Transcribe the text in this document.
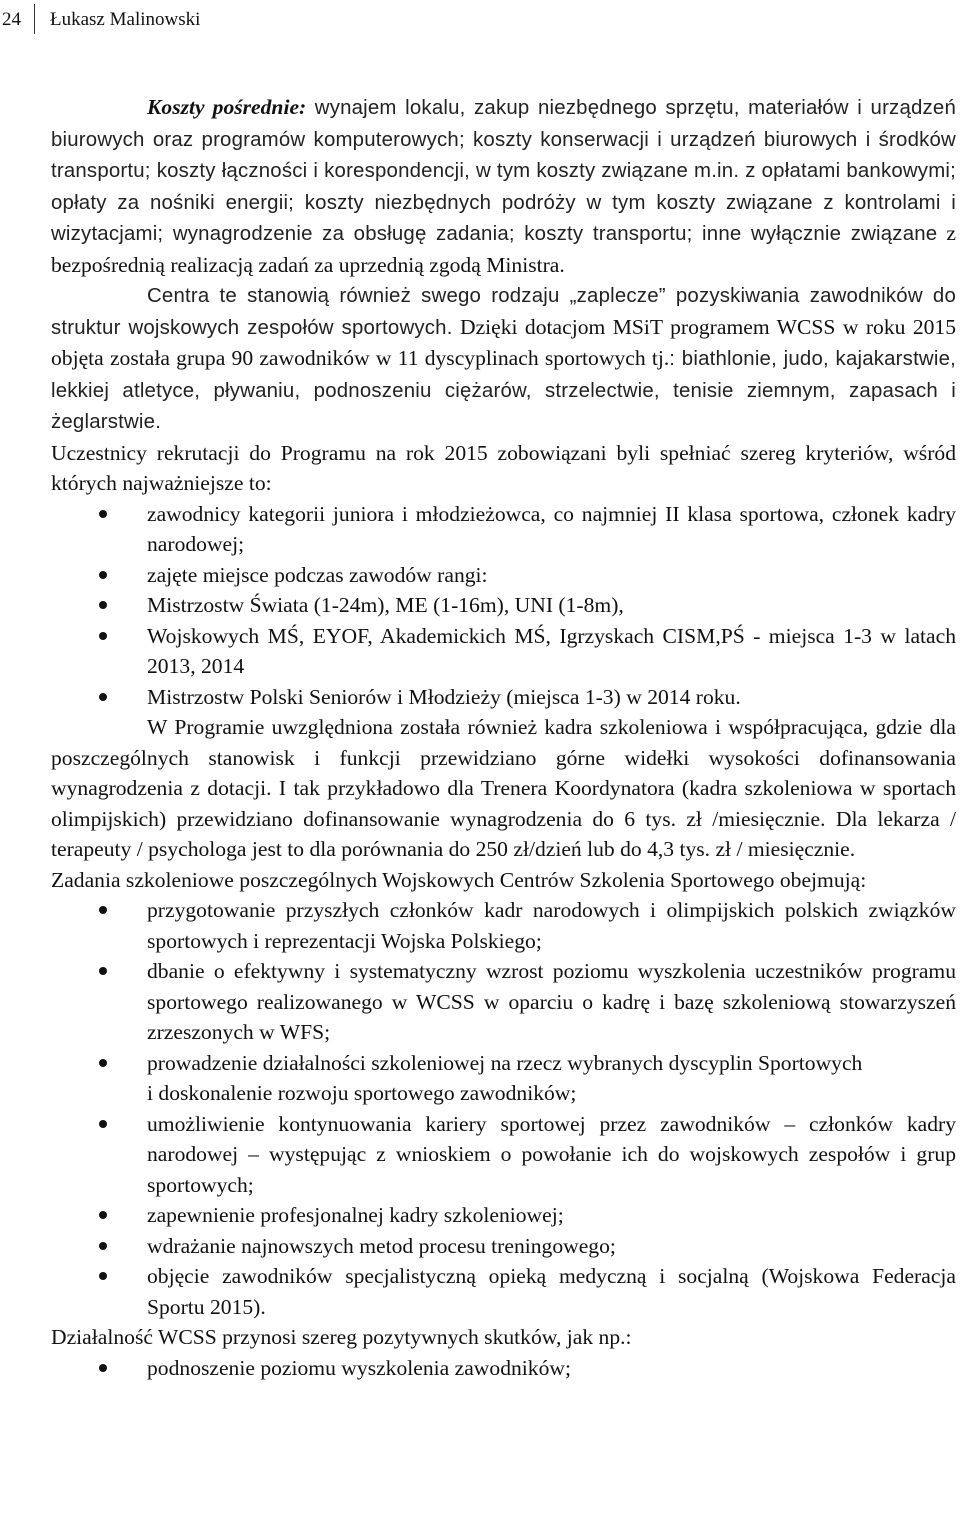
24	Łukasz Malinowski

Koszty pośrednie: wynajem lokalu, zakup niezbędnego sprzętu, materiałów i urządzeń biurowych oraz programów komputerowych; koszty konserwacji i urządzeń biurowych i środków transportu; koszty łączności i korespondencji, w tym koszty związane m.in. z opłatami bankowymi; opłaty za nośniki energii; koszty niezbędnych podróży w tym koszty związane z kontrolami i wizytacjami; wynagrodzenie za obsługę zadania; koszty transportu; inne wyłącznie związane z bezpośrednią realizacją zadań za uprzednią zgodą Ministra.

Centra te stanowią również swego rodzaju „zaplecze” pozyskiwania zawodników do struktur wojskowych zespołów sportowych. Dzięki dotacjom MSiT programem WCSS w roku 2015 objęta została grupa 90 zawodników w 11 dyscyplinach sportowych tj.: biathlonie, judo, kajakarstwie, lekkiej atletyce, pływaniu, podnoszeniu ciężarów, strzelectwie, tenisie ziemnym, zapasach i żeglarstwie.

Uczestnicy rekrutacji do Programu na rok 2015 zobowiązani byli spełniać szereg kryteriów, wśród których najważniejsze to:

zawodnicy kategorii juniora i młodzieżowca, co najmniej II klasa sportowa, członek kadry narodowej;
zajęte miejsce podczas zawodów rangi:
Mistrzostw Świata (1-24m), ME (1-16m), UNI (1-8m),
Wojskowych MŚ, EYOF, Akademickich MŚ, Igrzyskach CISM,PŚ - miejsca 1-3 w latach 2013, 2014
Mistrzostw Polski Seniorów i Młodzieży (miejsca 1-3) w 2014 roku.

W Programie uwzględniona została również kadra szkoleniowa i współpracująca, gdzie dla poszczególnych stanowisk i funkcji przewidziano górne widełki wysokości dofinansowania wynagrodzenia z dotacji. I tak przykładowo dla Trenera Koordynatora (kadra szkoleniowa w sportach olimpijskich) przewidziano dofinansowanie wynagrodzenia do 6 tys. zł /miesięcznie. Dla lekarza / terapeuty / psychologa jest to dla porównania do 250 zł/dzień lub do 4,3 tys. zł / miesięcznie.

Zadania szkoleniowe poszczególnych Wojskowych Centrów Szkolenia Sportowego obejmują:

przygotowanie przyszłych członków kadr narodowych i olimpijskich polskich związków sportowych i reprezentacji Wojska Polskiego;
dbanie o efektywny i systematyczny wzrost poziomu wyszkolenia uczestników programu sportowego realizowanego w WCSS w oparciu o kadrę i bazę szkoleniową stowarzyszeń zrzeszonych w WFS;
prowadzenie działalności szkoleniowej na rzecz wybranych dyscyplin Sportowych
i doskonalenie rozwoju sportowego zawodników;
umożliwienie kontynuowania kariery sportowej przez zawodników – członków kadry narodowej – występując z wnioskiem o powołanie ich do wojskowych zespołów i grup sportowych;
zapewnienie profesjonalnej kadry szkoleniowej;
wdrażanie najnowszych metod procesu treningowego;
objęcie zawodników specjalistyczną opieką medyczną i socjalną (Wojskowa Federacja Sportu 2015).

Działalność WCSS przynosi szereg pozytywnych skutków, jak np.:

podnoszenie poziomu wyszkolenia zawodników;
